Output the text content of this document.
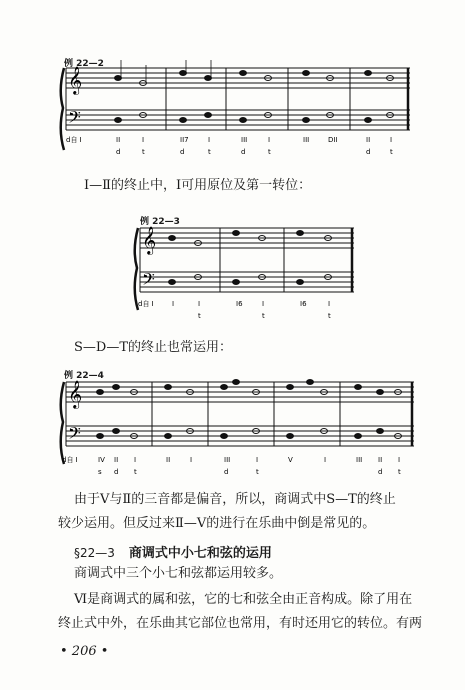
例 22—2
𝄞
𝄢
d自 I	II	I	II7	I	III	I	III	DII	II	I
d	t	d	t	d	t	d	t
Ⅰ—Ⅱ的终止中，Ⅰ可用原位及第一转位：
例 22—3
𝄞
𝄢
d自 I	I	I	I6	I	I6	I
t	t	t
S—D—T的终止也常运用：
例 22—4
𝄞
𝄢
d自 I	IV II I	II	I	III	I	V	I	III II I
s d t	d	t	d t
由于Ⅴ与Ⅱ的三音都是偏音，所以，商调式中S—T的终止
较少运用。但反过来Ⅱ—Ⅴ的进行在乐曲中倒是常见的。
§22—3 商调式中小七和弦的运用
商调式中三个小七和弦都运用较多。
Ⅵ是商调式的属和弦，它的七和弦全由正音构成。除了用在
终止式中外，在乐曲其它部位也常用，有时还用它的转位。有两
• 206 •
